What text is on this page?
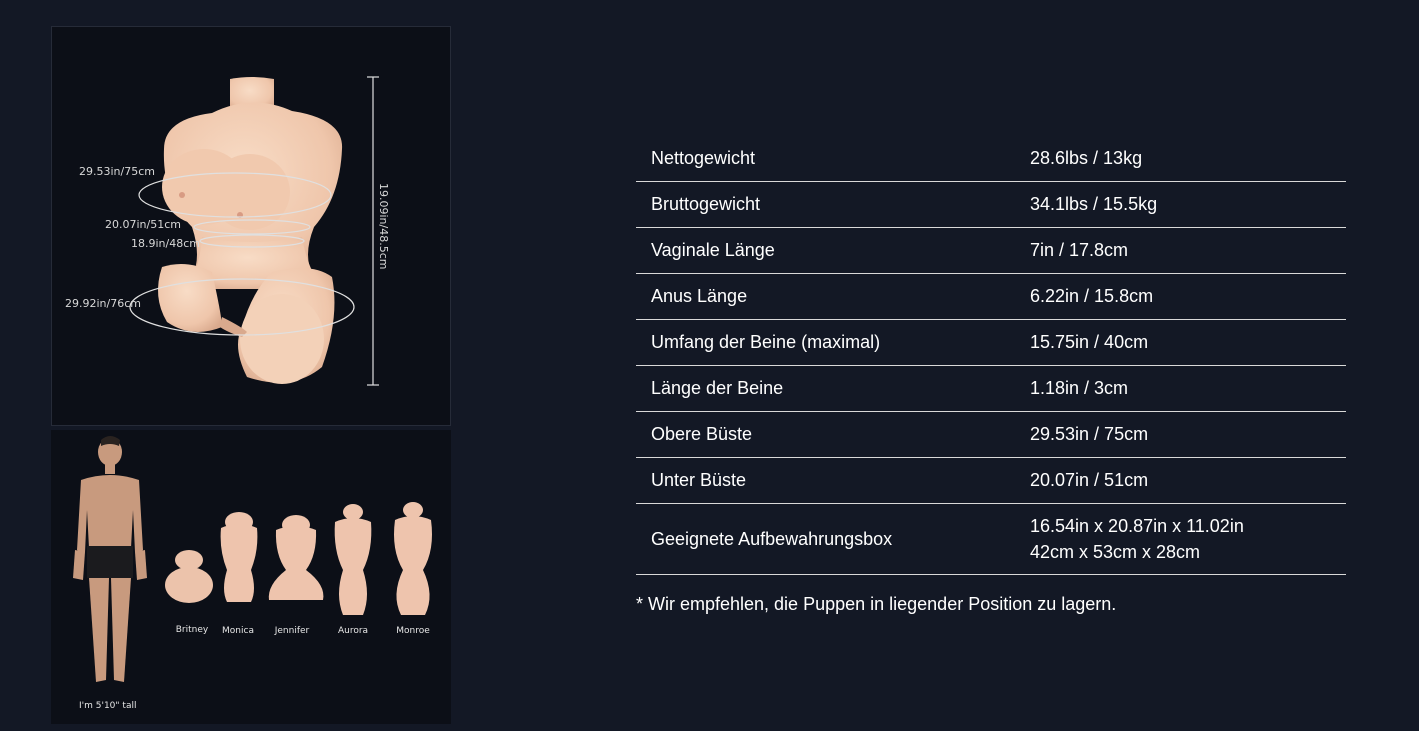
29.53in/75cm
20.07in/51cm
18.9in/48cm
29.92in/76cm
19.09in/48.5cm
Britney	Monica	Jennifer	Aurora	Monroe
I'm 5'10" tall
Nettogewicht	28.6lbs / 13kg
Bruttogewicht	34.1lbs / 15.5kg
Vaginale Länge	7in / 17.8cm
Anus Länge	6.22in / 15.8cm
Umfang der Beine (maximal)	15.75in / 40cm
Länge der Beine	1.18in / 3cm
Obere Büste	29.53in / 75cm
Unter Büste	20.07in / 51cm
Geeignete Aufbewahrungsbox	16.54in x 20.87in x 11.02in
42cm x 53cm x 28cm
* Wir empfehlen, die Puppen in liegender Position zu lagern.
